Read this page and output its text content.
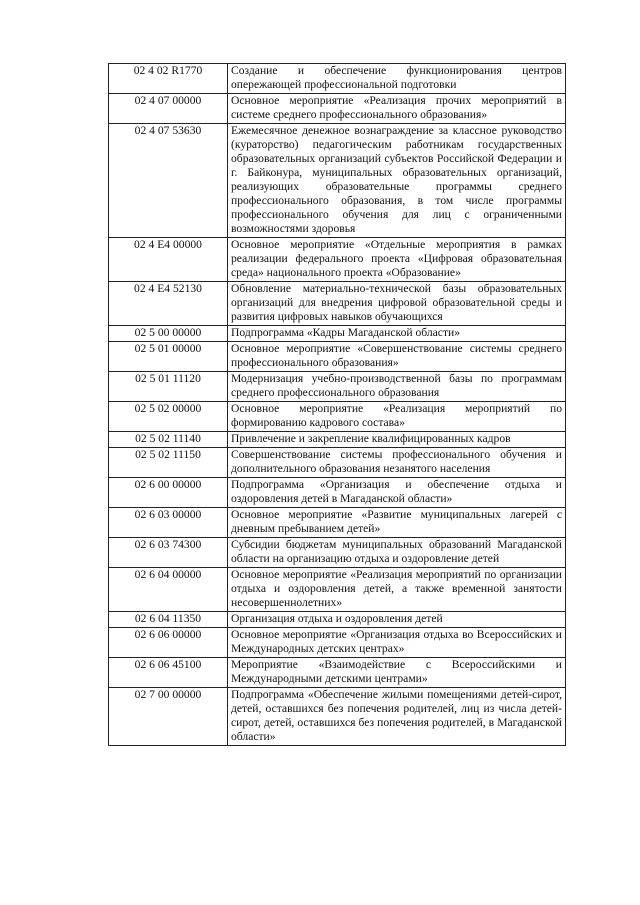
02 4 02 R1770	Создание и обеспечение функционирования центров опережающей профессиональной подготовки
02 4 07 00000	Основное мероприятие «Реализация прочих мероприятий в системе среднего профессионального образования»
02 4 07 53630	Ежемесячное денежное вознаграждение за классное руководство (кураторство) педагогическим работникам государственных образовательных организаций субъектов Российской Федерации и г. Байконура, муниципальных образовательных организаций, реализующих образовательные программы среднего профессионального образования, в том числе программы профессионального обучения для лиц с ограниченными возможностями здоровья
02 4 E4 00000	Основное мероприятие «Отдельные мероприятия в рамках реализации федерального проекта «Цифровая образовательная среда» национального проекта «Образование»
02 4 E4 52130	Обновление материально-технической базы образовательных организаций для внедрения цифровой образовательной среды и развития цифровых навыков обучающихся
02 5 00 00000	Подпрограмма «Кадры Магаданской области»
02 5 01 00000	Основное мероприятие «Совершенствование системы среднего профессионального образования»
02 5 01 11120	Модернизация учебно-производственной базы по программам среднего профессионального образования
02 5 02 00000	Основное мероприятие «Реализация мероприятий по формированию кадрового состава»
02 5 02 11140	Привлечение и закрепление квалифицированных кадров
02 5 02 11150	Совершенствование системы профессионального обучения и дополнительного образования незанятого населения
02 6 00 00000	Подпрограмма «Организация и обеспечение отдыха и оздоровления детей в Магаданской области»
02 6 03 00000	Основное мероприятие «Развитие муниципальных лагерей с дневным пребыванием детей»
02 6 03 74300	Субсидии бюджетам муниципальных образований Магаданской области на организацию отдыха и оздоровление детей
02 6 04 00000	Основное мероприятие «Реализация мероприятий по организации отдыха и оздоровления детей, а также временной занятости несовершеннолетних»
02 6 04 11350	Организация отдыха и оздоровления детей
02 6 06 00000	Основное мероприятие «Организация отдыха во Всероссийских и Международных детских центрах»
02 6 06 45100	Мероприятие «Взаимодействие с Всероссийскими и Международными детскими центрами»
02 7 00 00000	Подпрограмма «Обеспечение жилыми помещениями детей-сирот, детей, оставшихся без попечения родителей, лиц из числа детей-сирот, детей, оставшихся без попечения родителей, в Магаданской области»
